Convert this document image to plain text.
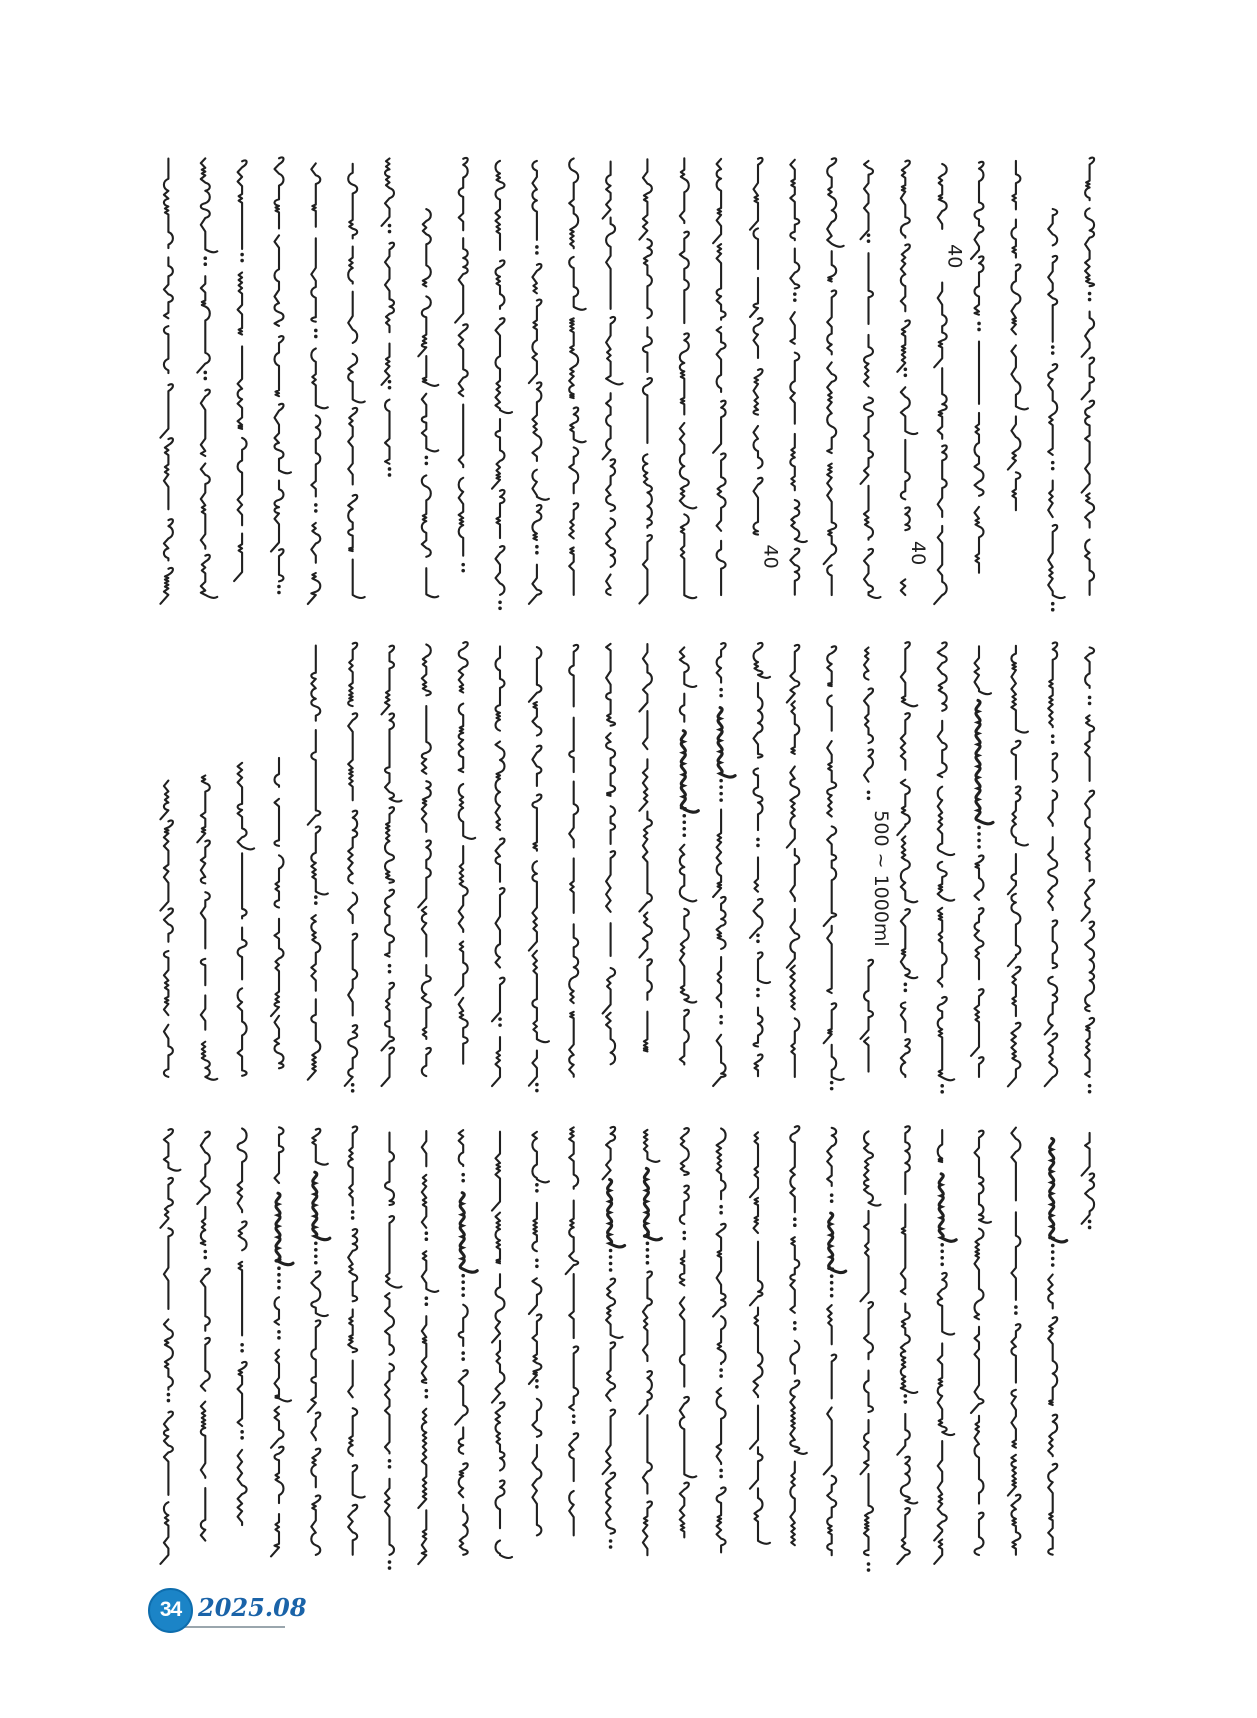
40	40
40
500 ~ 1000ml
34 2025.08
